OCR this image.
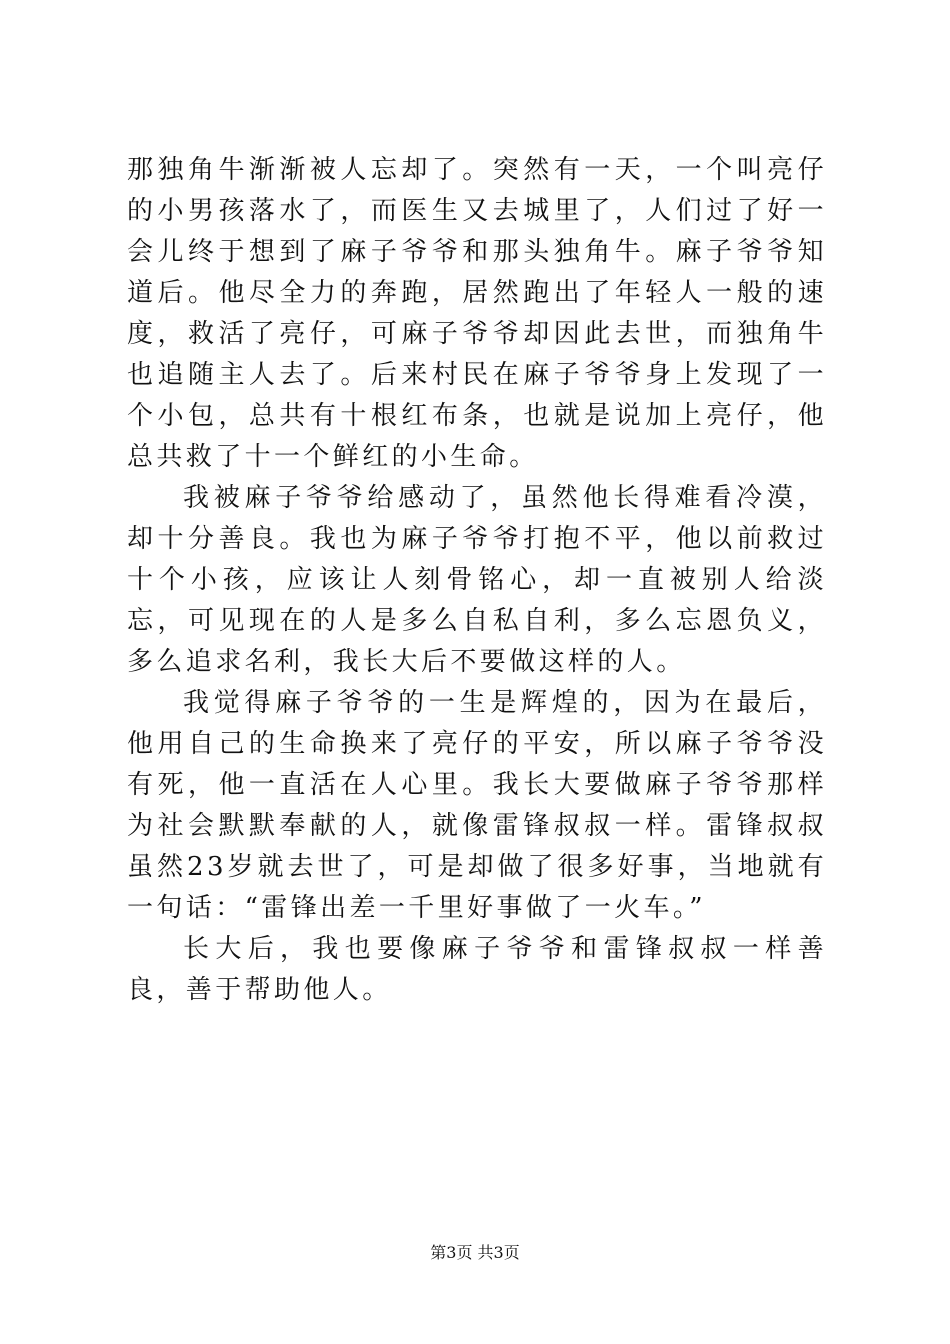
那独角牛渐渐被人忘却了。突然有一天，一个叫亮仔的小男孩落水了，而医生又去城里了，人们过了好一会儿终于想到了麻子爷爷和那头独角牛。麻子爷爷知道后。他尽全力的奔跑，居然跑出了年轻人一般的速度，救活了亮仔，可麻子爷爷却因此去世，而独角牛也追随主人去了。后来村民在麻子爷爷身上发现了一个小包，总共有十根红布条，也就是说加上亮仔，他总共救了十一个鲜红的小生命。

我被麻子爷爷给感动了，虽然他长得难看冷漠，却十分善良。我也为麻子爷爷打抱不平，他以前救过十个小孩，应该让人刻骨铭心，却一直被别人给淡忘，可见现在的人是多么自私自利，多么忘恩负义，多么追求名利，我长大后不要做这样的人。

我觉得麻子爷爷的一生是辉煌的，因为在最后，他用自己的生命换来了亮仔的平安，所以麻子爷爷没有死，他一直活在人心里。我长大要做麻子爷爷那样为社会默默奉献的人，就像雷锋叔叔一样。雷锋叔叔虽然23岁就去世了，可是却做了很多好事，当地就有一句话：“雷锋出差一千里好事做了一火车。”

长大后，我也要像麻子爷爷和雷锋叔叔一样善良，善于帮助他人。

第3页 共3页
